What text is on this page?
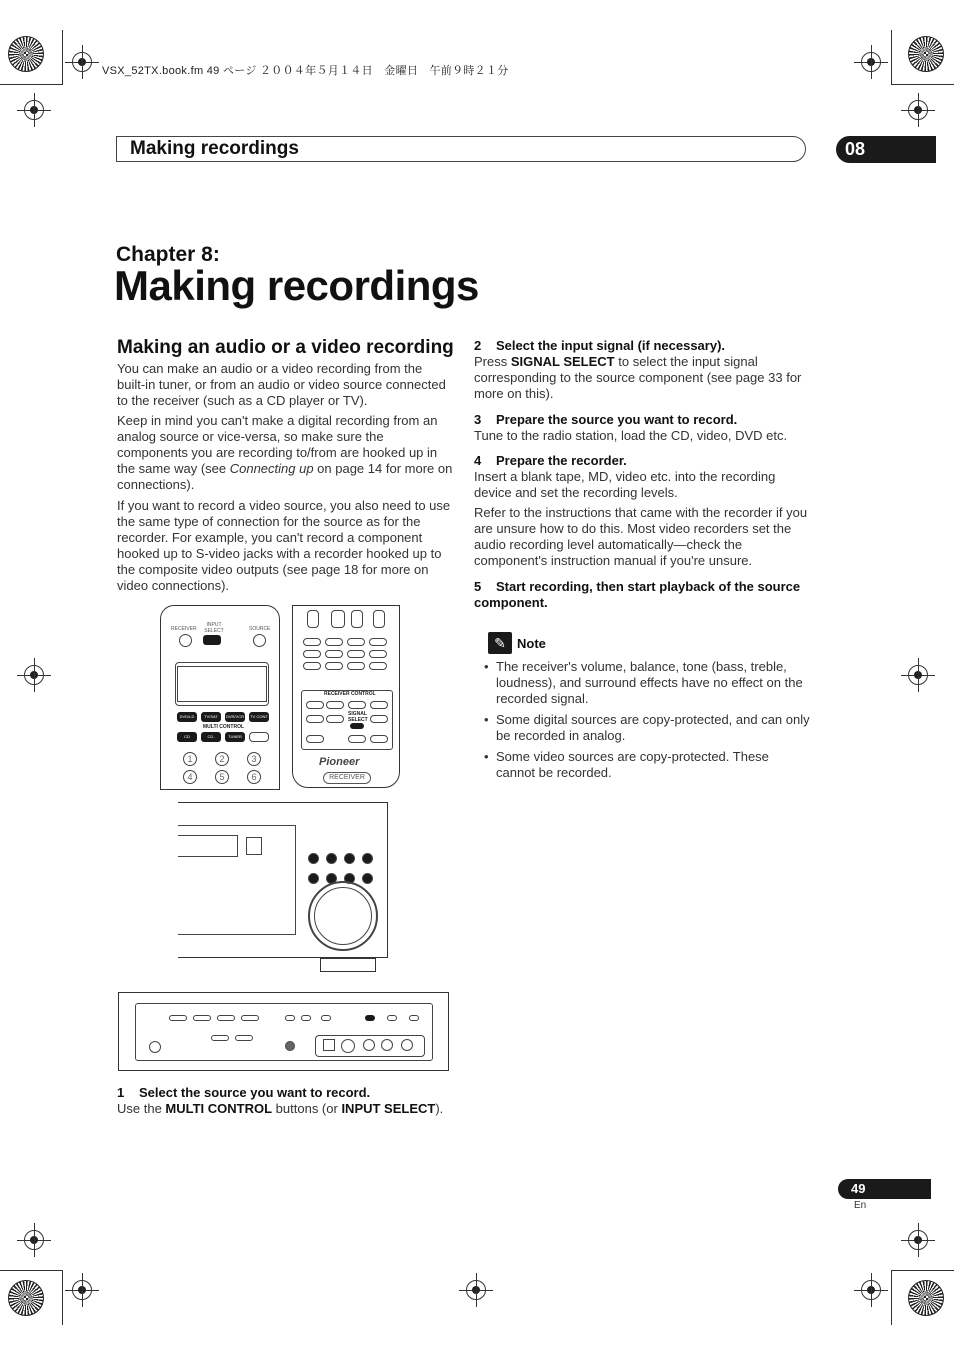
VSX_52TX.book.fm 49 ページ ２００４年５月１４日　金曜日　午前９時２１分
Making recordings	08
Chapter 8:
Making recordings
Making an audio or a video recording
You can make an audio or a video recording from the built-in tuner, or from an audio or video source connected to the receiver (such as a CD player or TV).
Keep in mind you can't make a digital recording from an analog source or vice-versa, so make sure the components you are recording to/from are hooked up in the same way (see Connecting up on page 14 for more on connections).
If you want to record a video source, you also need to use the same type of connection for the source as for the recorder. For example, you can't record a component hooked up to S-video jacks with a recorder hooked up to the composite video outputs (see page 18 for more on video connections).
RECEIVER
INPUT SELECT	SOURCE
DVD/LD	TV/SAT	DVR/VCR	TV CONT
MULTI CONTROL
CD	CD-R/TAPE
TUNER
1	2	3
4	5	6
RECEIVER CONTROL
SIGNAL SELECT
Pioneer
RECEIVER
1 Select the source you want to record.
Use the MULTI CONTROL buttons (or INPUT SELECT).
2 Select the input signal (if necessary).
Press SIGNAL SELECT to select the input signal corresponding to the source component (see page 33 for more on this).
3 Prepare the source you want to record.
Tune to the radio station, load the CD, video, DVD etc.
4 Prepare the recorder.
Insert a blank tape, MD, video etc. into the recording device and set the recording levels.
Refer to the instructions that came with the recorder if you are unsure how to do this. Most video recorders set the audio recording level automatically—check the component's instruction manual if you're unsure.
5 Start recording, then start playback of the source component.
✎ Note
• The receiver's volume, balance, tone (bass, treble, loudness), and surround effects have no effect on the recorded signal.
• Some digital sources are copy-protected, and can only be recorded in analog.
• Some video sources are copy-protected. These cannot be recorded.
49
En
